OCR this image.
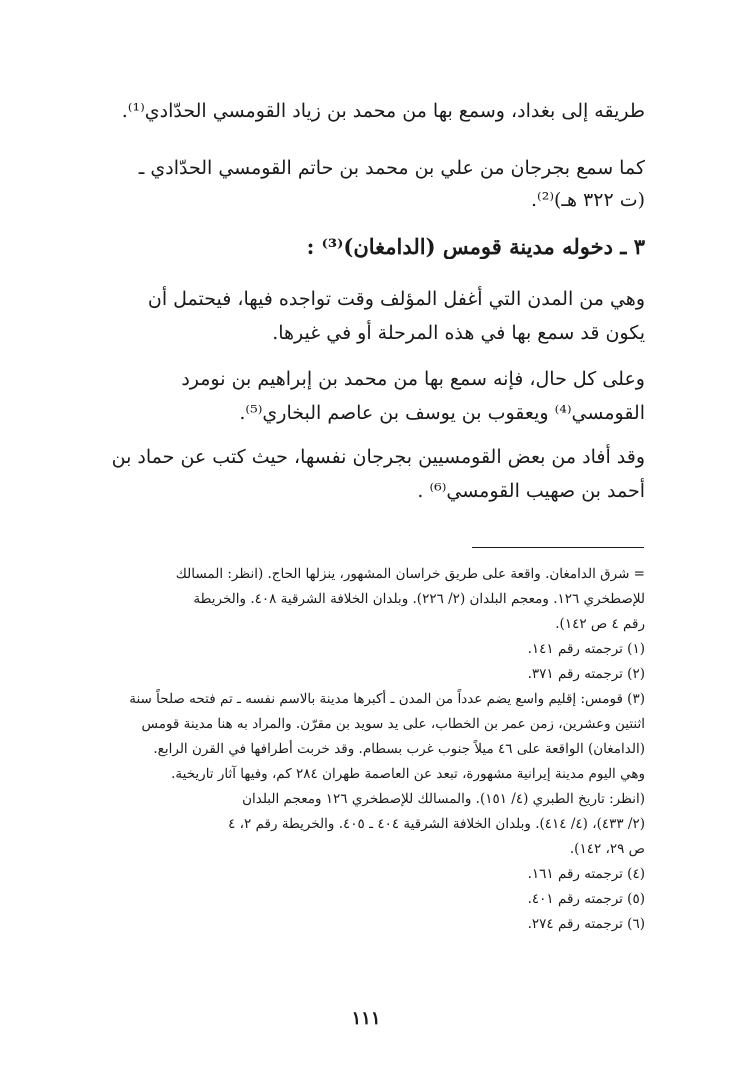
طريقه إلى بغداد، وسمع بها من محمد بن زياد القومسي الحدّادي⁽¹⁾.
كما سمع بجرجان من علي بن محمد بن حاتم القومسي الحدّادي ـ
(ت ٣٢٢ هـ)⁽²⁾.
٣ ـ دخوله مدينة قومس (الدامغان)⁽³⁾ :
وهي من المدن التي أغفل المؤلف وقت تواجده فيها، فيحتمل أن
يكون قد سمع بها في هذه المرحلة أو في غيرها.
وعلى كل حال، فإنه سمع بها من محمد بن إبراهيم بن نومرد
القومسي⁽⁴⁾ ويعقوب بن يوسف بن عاصم البخاري⁽⁵⁾.
وقد أفاد من بعض القومسيين بجرجان نفسها، حيث كتب عن حماد بن
أحمد بن صهيب القومسي⁽⁶⁾ .
= شرق الدامغان. واقعة على طريق خراسان المشهور، ينزلها الحاج. (انظر: المسالك
للإصطخري ١٢٦. ومعجم البلدان (٢/ ٢٢٦). وبلدان الخلافة الشرقية ٤٠٨. والخريطة
رقم ٤ ص ١٤٢).
(١) ترجمته رقم ١٤١.
(٢) ترجمته رقم ٣٧١.
(٣) قومس: إقليم واسع يضم عدداً من المدن ـ أكبرها مدينة بالاسم نفسه ـ تم فتحه صلحاً سنة
اثنتين وعشرين، زمن عمر بن الخطاب، على يد سويد بن مقرّن. والمراد به هنا مدينة قومس
(الدامغان) الواقعة على ٤٦ ميلاً جنوب غرب بسطام. وقد خربت أطرافها في القرن الرابع.
وهي اليوم مدينة إيرانية مشهورة، تبعد عن العاصمة طهران ٢٨٤ كم، وفيها آثار تاريخية.
(انظر: تاريخ الطبري (٤/ ١٥١). والمسالك للإصطخري ١٢٦ ومعجم البلدان
(٢/ ٤٣٣)، (٤/ ٤١٤). وبلدان الخلافة الشرقية ٤٠٤ ـ ٤٠٥. والخريطة رقم ٢، ٤
ص ٢٩، ١٤٢).
(٤) ترجمته رقم ١٦١.
(٥) ترجمته رقم ٤٠١.
(٦) ترجمته رقم ٢٧٤.
١١١
